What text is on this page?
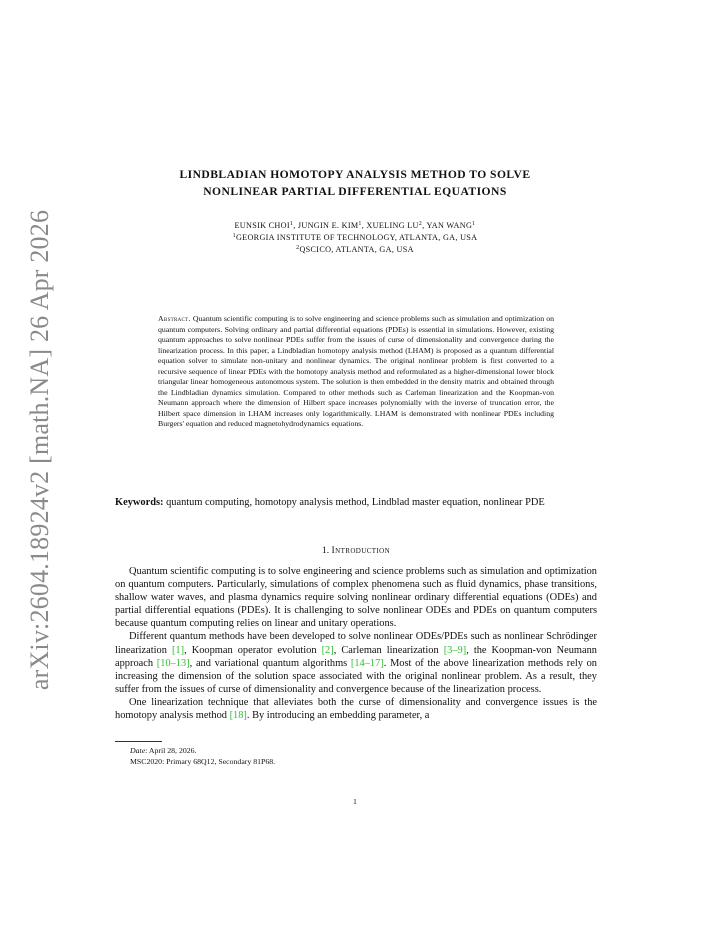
arXiv:2604.18924v2 [math.NA] 26 Apr 2026
LINDBLADIAN HOMOTOPY ANALYSIS METHOD TO SOLVE
NONLINEAR PARTIAL DIFFERENTIAL EQUATIONS
EUNSIK CHOI$^1$, JUNGIN E. KIM$^1$, XUELING $LU^2$, YAN WANG$^1$
$^1$GEORGIA INSTITUTE OF TECHNOLOGY, ATLANTA, GA, USA
$^2$QSCICO, ATLANTA, GA, USA
Abstract. Quantum scientific computing is to solve engineering and science problems such as simulation and optimization on quantum computers. Solving ordinary and partial differential equations (PDEs) is essential in simulations. However, existing quantum approaches to solve nonlinear PDEs suffer from the issues of curse of dimensionality and convergence during the linearization process. In this paper, a Lindbladian homotopy analysis method (LHAM) is proposed as a quantum differential equation solver to simulate non-unitary and nonlinear dynamics. The original nonlinear problem is first converted to a recursive sequence of linear PDEs with the homotopy analysis method and reformulated as a higher-dimensional lower block triangular linear homogeneous autonomous system. The solution is then embedded in the density matrix and obtained through the Lindbladian dynamics simulation. Compared to other methods such as Carleman linearization and the Koopman-von Neumann approach where the dimension of Hilbert space increases polynomially with the inverse of truncation error, the Hilbert space dimension in LHAM increases only logarithmically. LHAM is demonstrated with nonlinear PDEs including Burgers' equation and reduced magnetohydrodynamics equations.
Keywords: quantum computing, homotopy analysis method, Lindblad master equation, nonlinear PDE
1. Introduction

Quantum scientific computing is to solve engineering and science problems such as simulation and optimization on quantum computers. Particularly, simulations of complex phenomena such as fluid dynamics, phase transitions, shallow water waves, and plasma dynamics require solving nonlinear ordinary differential equations (ODEs) and partial differential equations (PDEs). It is challenging to solve nonlinear ODEs and PDEs on quantum computers because quantum computing relies on linear and unitary operations.

Different quantum methods have been developed to solve nonlinear ODEs/PDEs such as nonlinear Schrödinger linearization [1], Koopman operator evolution [2], Carleman linearization [3–9], the Koopman-von Neumann approach [10–13], and variational quantum algorithms [14–17]. Most of the above linearization methods rely on increasing the dimension of the solution space associated with the original nonlinear problem. As a result, they suffer from the issues of curse of dimensionality and convergence because of the linearization process.

One linearization technique that alleviates both the curse of dimensionality and convergence issues is the homotopy analysis method [18]. By introducing an embedding parameter, a

Date: April 28, 2026.
MSC2020: Primary 68Q12, Secondary 81P68.
1
